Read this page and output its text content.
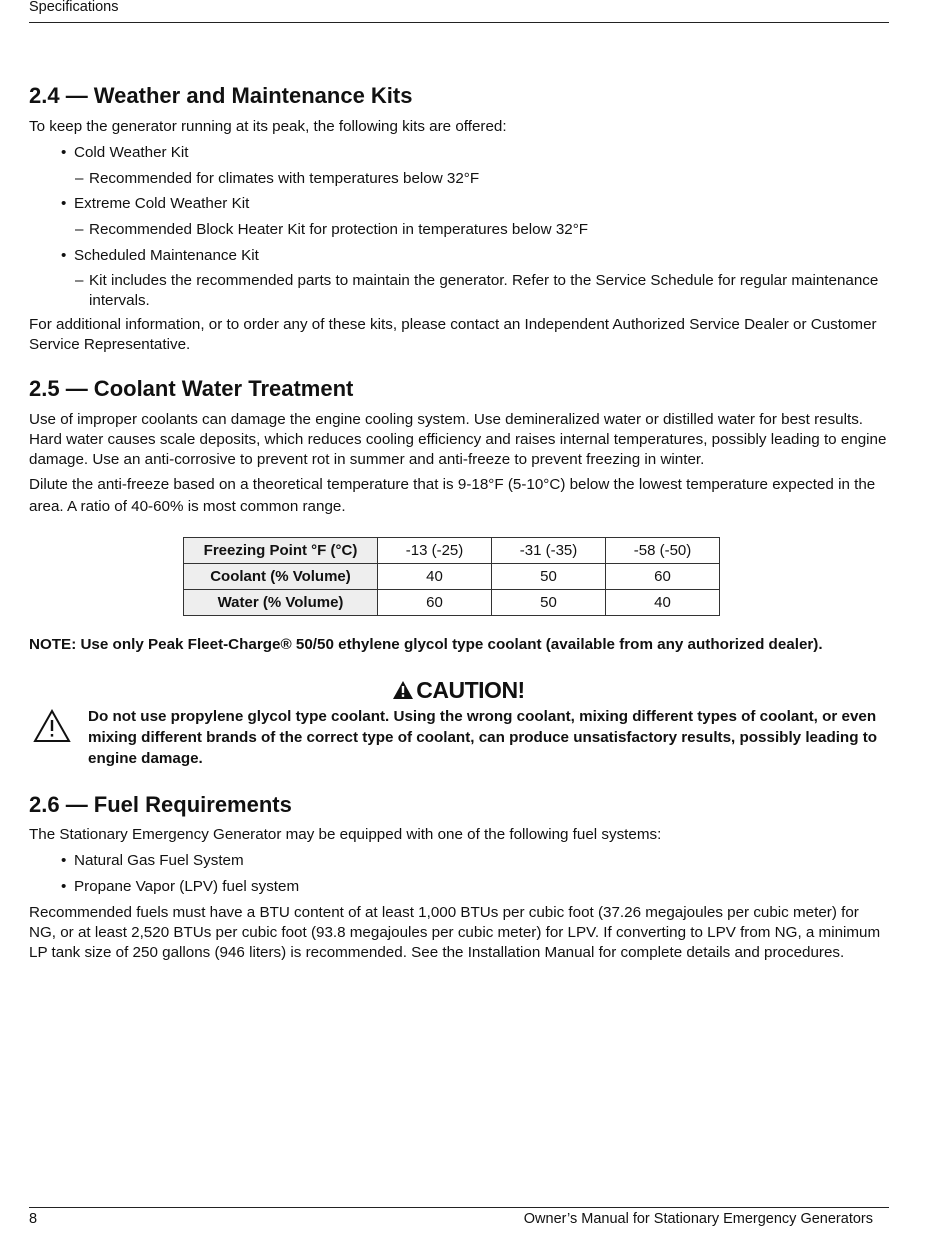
Specifications
2.4 — Weather and Maintenance Kits

To keep the generator running at its peak, the following kits are offered:

• Cold Weather Kit
– Recommended for climates with temperatures below 32°F
• Extreme Cold Weather Kit
– Recommended Block Heater Kit for protection in temperatures below 32°F
• Scheduled Maintenance Kit
– Kit includes the recommended parts to maintain the generator. Refer to the Service Schedule for regular maintenance intervals.

For additional information, or to order any of these kits, please contact an Independent Authorized Service Dealer or Customer Service Representative.

2.5 — Coolant Water Treatment

Use of improper coolants can damage the engine cooling system. Use demineralized water or distilled water for best results. Hard water causes scale deposits, which reduces cooling efficiency and raises internal temperatures, possibly leading to engine damage. Use an anti-corrosive to prevent rot in summer and anti-freeze to prevent freezing in winter.

Dilute the anti-freeze based on a theoretical temperature that is 9-18°F (5-10°C) below the lowest temperature expected in the area. A ratio of 40-60% is most common range.

Freezing Point °F (°C)	-13 (-25)	-31 (-35)	-58 (-50)
Coolant (% Volume)	40	50	60
Water (% Volume)	60	50	40

NOTE: Use only Peak Fleet-Charge® 50/50 ethylene glycol type coolant (available from any authorized dealer).

CAUTION!

Do not use propylene glycol type coolant. Using the wrong coolant, mixing different types of coolant, or even mixing different brands of the correct type of coolant, can produce unsatisfactory results, possibly leading to engine damage.

2.6 — Fuel Requirements

The Stationary Emergency Generator may be equipped with one of the following fuel systems:

• Natural Gas Fuel System
• Propane Vapor (LPV) fuel system

Recommended fuels must have a BTU content of at least 1,000 BTUs per cubic foot (37.26 megajoules per cubic meter) for NG, or at least 2,520 BTUs per cubic foot (93.8 megajoules per cubic meter) for LPV. If converting to LPV from NG, a minimum LP tank size of 250 gallons (946 liters) is recommended. See the Installation Manual for complete details and procedures.

8	Owner’s Manual for Stationary Emergency Generators
